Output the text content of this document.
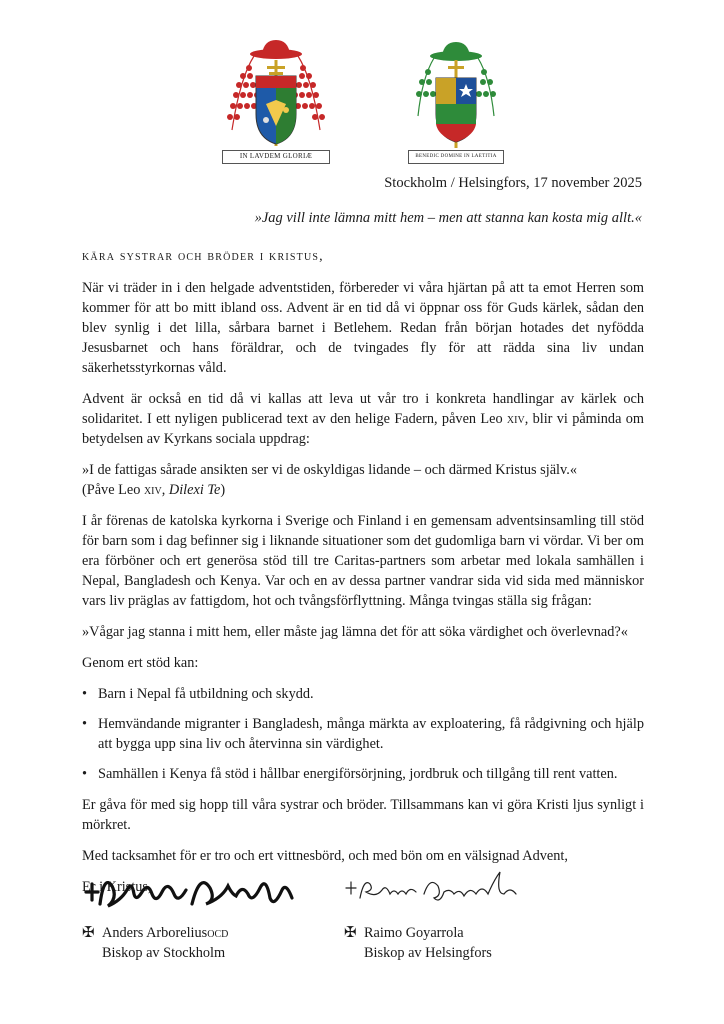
IN LAVDEM GLORIÆ	BENEDIC DOMINE IN LAETITIA
Stockholm / Helsingfors, 17 november 2025
»Jag vill inte lämna mitt hem – men att stanna kan kosta mig allt.«
kära systrar och bröder i kristus,

När vi träder in i den helgade adventstiden, förbereder vi våra hjärtan på att ta emot Herren som kommer för att bo mitt ibland oss. Advent är en tid då vi öppnar oss för Guds kärlek, sådan den blev synlig i det lilla, sårbara barnet i Betlehem. Redan från början hotades det nyfödda Jesusbarnet och hans föräldrar, och de tvingades fly för att rädda sina liv undan säkerhetsstyrkornas våld.

Advent är också en tid då vi kallas att leva ut vår tro i konkreta handlingar av kärlek och solidaritet. I ett nyligen publicerad text av den helige Fadern, påven Leo xiv, blir vi påminda om betydelsen av Kyrkans sociala uppdrag:

»I de fattigas sårade ansikten ser vi de oskyldigas lidande – och därmed Kristus själv.«
(Påve Leo xiv, Dilexi Te)

I år förenas de katolska kyrkorna i Sverige och Finland i en gemensam adventsinsamling till stöd för barn som i dag befinner sig i liknande situationer som det gudomliga barn vi vördar. Vi ber om era förböner och ert generösa stöd till tre Caritas-partners som arbetar med lokala samhällen i Nepal, Bangladesh och Kenya. Var och en av dessa partner vandrar sida vid sida med människor vars liv präglas av fattigdom, hot och tvångsförflyttning. Många tvingas ställa sig frågan:

»Vågar jag stanna i mitt hem, eller måste jag lämna det för att söka värdighet och överlevnad?«

Genom ert stöd kan:

• Barn i Nepal få utbildning och skydd.
• Hemvändande migranter i Bangladesh, många märkta av exploatering, få rådgivning och hjälp att bygga upp sina liv och återvinna sin värdighet.
• Samhällen i Kenya få stöd i hållbar energiförsörjning, jordbruk och tillgång till rent vatten.

Er gåva för med sig hopp till våra systrar och bröder. Tillsammans kan vi göra Kristi ljus synligt i mörkret.

Med tacksamhet för er tro och ert vittnesbörd, och med bön om en välsignad Advent,

Er i Kristus,

✠ Anders Arborelius ocd
Biskop av Stockholm
✠ Raimo Goyarrola
Biskop av Helsingfors
